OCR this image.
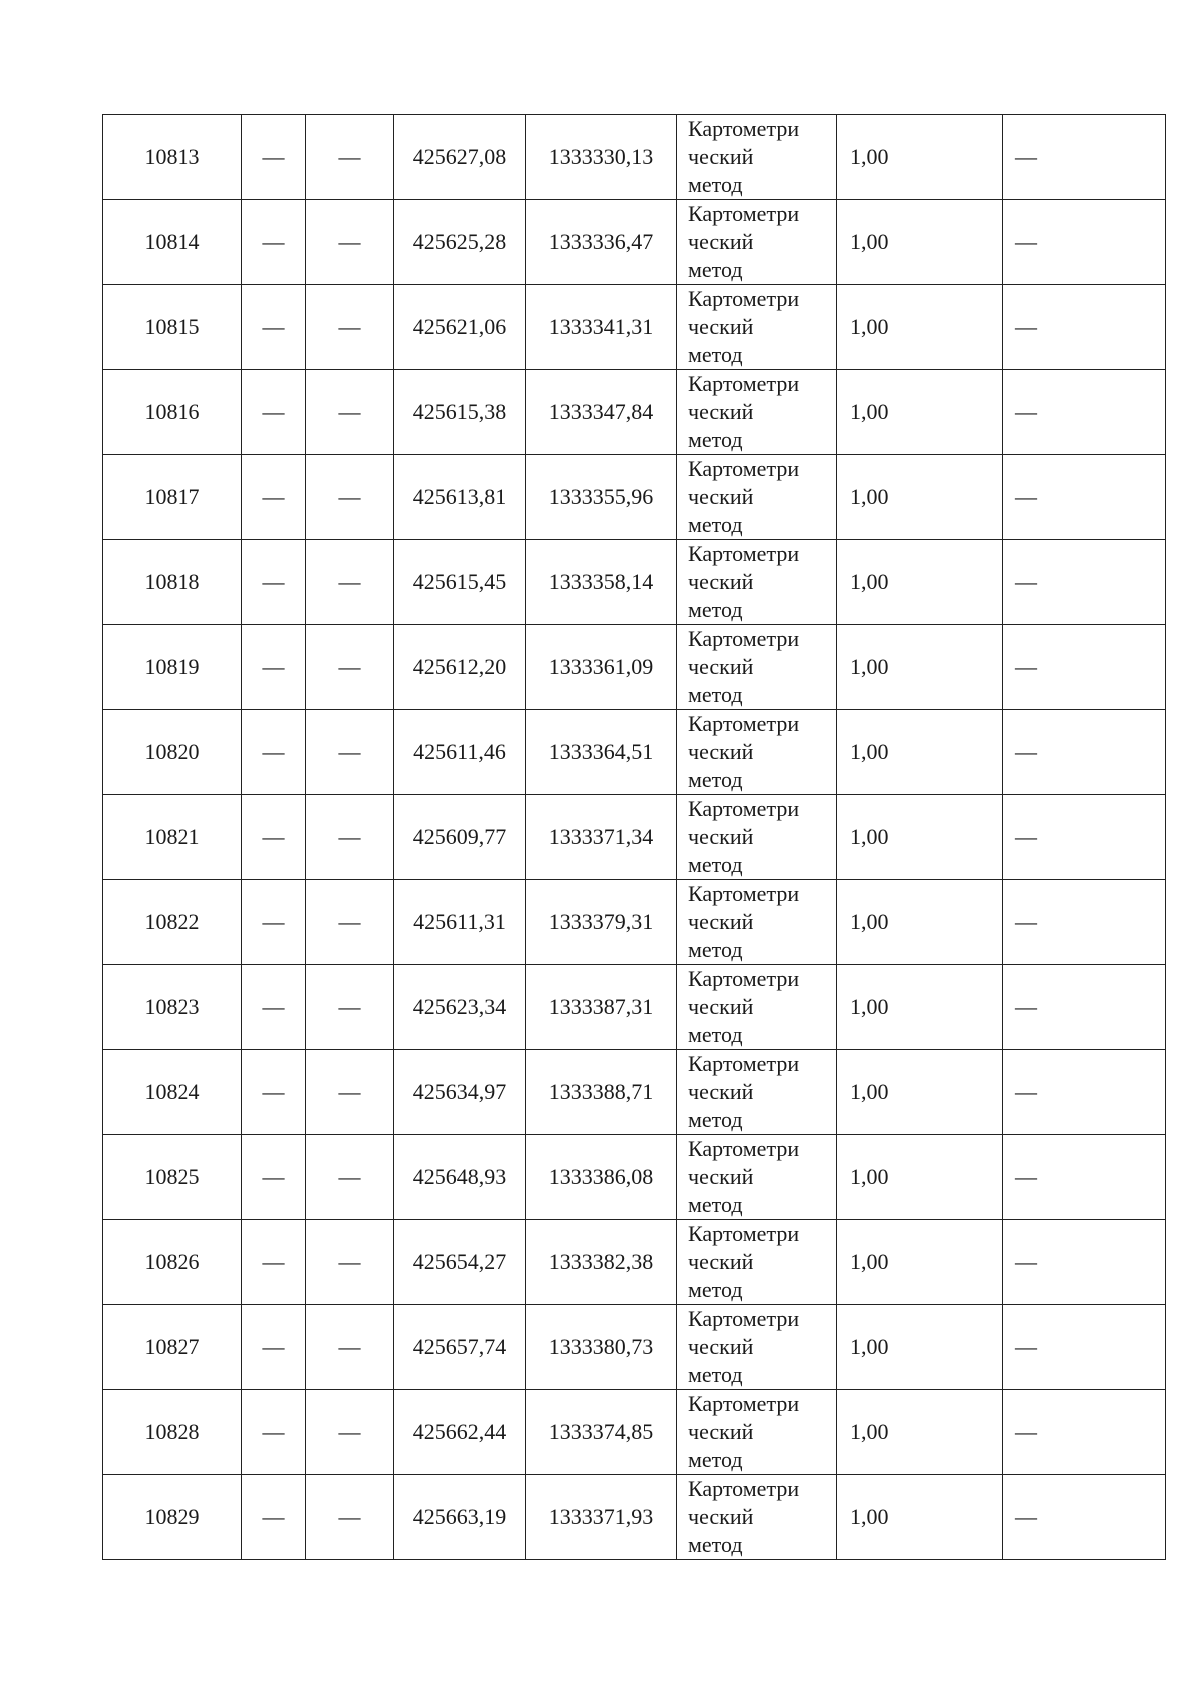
10813	—	—	425627,08	1333330,13	Картометри
ческий
метод	1,00	—
10814	—	—	425625,28	1333336,47	Картометри
ческий
метод	1,00	—
10815	—	—	425621,06	1333341,31	Картометри
ческий
метод	1,00	—
10816	—	—	425615,38	1333347,84	Картометри
ческий
метод	1,00	—
10817	—	—	425613,81	1333355,96	Картометри
ческий
метод	1,00	—
10818	—	—	425615,45	1333358,14	Картометри
ческий
метод	1,00	—
10819	—	—	425612,20	1333361,09	Картометри
ческий
метод	1,00	—
10820	—	—	425611,46	1333364,51	Картометри
ческий
метод	1,00	—
10821	—	—	425609,77	1333371,34	Картометри
ческий
метод	1,00	—
10822	—	—	425611,31	1333379,31	Картометри
ческий
метод	1,00	—
10823	—	—	425623,34	1333387,31	Картометри
ческий
метод	1,00	—
10824	—	—	425634,97	1333388,71	Картометри
ческий
метод	1,00	—
10825	—	—	425648,93	1333386,08	Картометри
ческий
метод	1,00	—
10826	—	—	425654,27	1333382,38	Картометри
ческий
метод	1,00	—
10827	—	—	425657,74	1333380,73	Картометри
ческий
метод	1,00	—
10828	—	—	425662,44	1333374,85	Картометри
ческий
метод	1,00	—
10829	—	—	425663,19	1333371,93	Картометри
ческий
метод	1,00	—
